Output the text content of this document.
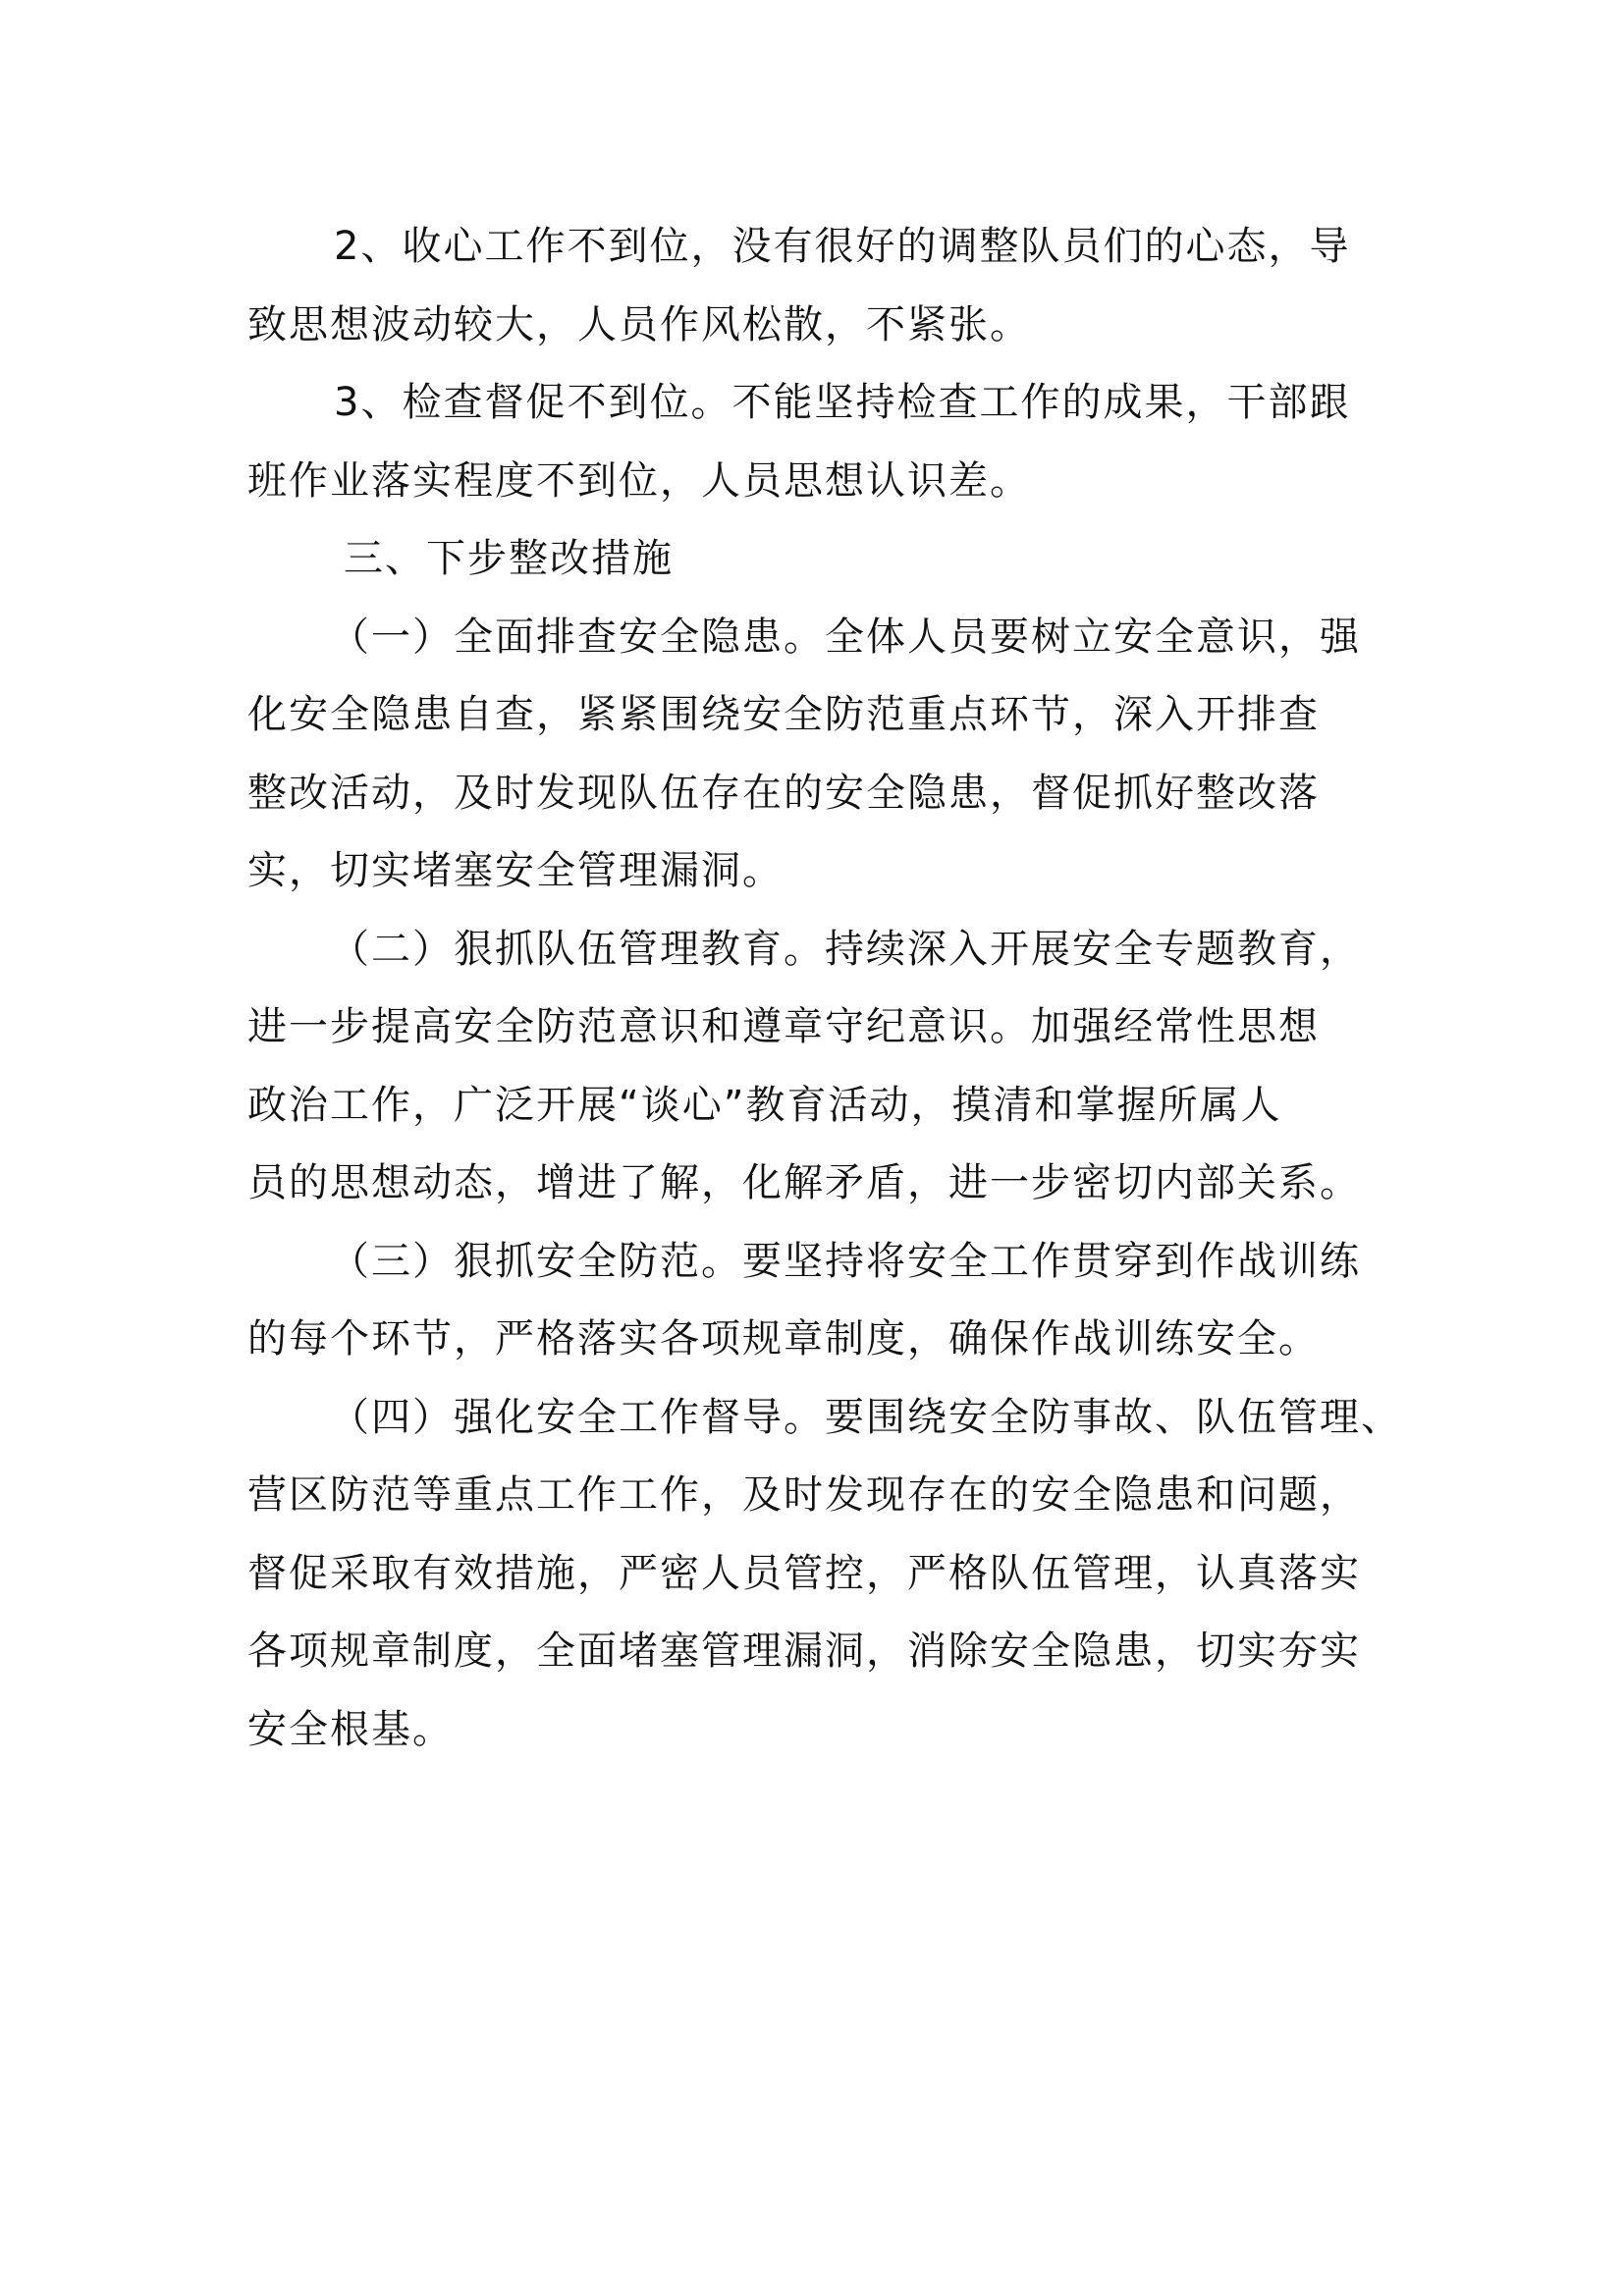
2、收心工作不到位，没有很好的调整队员们的心态，导
致思想波动较大，人员作风松散，不紧张。
3、检查督促不到位。不能坚持检查工作的成果，干部跟
班作业落实程度不到位，人员思想认识差。
三、下步整改措施
（一）全面排查安全隐患。全体人员要树立安全意识，强
化安全隐患自查，紧紧围绕安全防范重点环节，深入开排查
整改活动，及时发现队伍存在的安全隐患，督促抓好整改落
实，切实堵塞安全管理漏洞。
（二）狠抓队伍管理教育。持续深入开展安全专题教育，
进一步提高安全防范意识和遵章守纪意识。加强经常性思想
政治工作，广泛开展“谈心”教育活动，摸清和掌握所属人
员的思想动态，增进了解，化解矛盾，进一步密切内部关系。
（三）狠抓安全防范。要坚持将安全工作贯穿到作战训练
的每个环节，严格落实各项规章制度，确保作战训练安全。
（四）强化安全工作督导。要围绕安全防事故、队伍管理、
营区防范等重点工作工作，及时发现存在的安全隐患和问题，
督促采取有效措施，严密人员管控，严格队伍管理，认真落实
各项规章制度，全面堵塞管理漏洞，消除安全隐患，切实夯实
安全根基。
